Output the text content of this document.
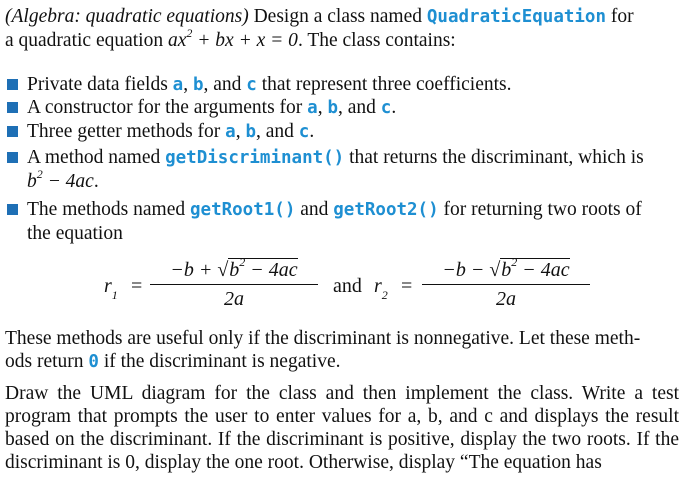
(Algebra: quadratic equations) Design a class named QuadraticEquation for
a quadratic equation $ax^2$ + bx + x = 0. The class contains:
Private data fields a, b, and c that represent three coefficients.
A constructor for the arguments for a, b, and c.
Three getter methods for a, b, and c.
A method named getDiscriminant() that returns the discriminant, which is
$b^2 - 4ac$.
The methods named getRoot1() and getRoot2() for returning two roots of
the equation
$r_1$ =
$-b + √b^2 - 4ac$
2a
and $r_2$ =
$-b - √b^2 - 4ac$
2a
These methods are useful only if the discriminant is nonnegative. Let these meth-
ods return 0 if the discriminant is negative.
Draw the UML diagram for the class and then implement the class. Write a test program that prompts the user to enter values for a, b, and c and displays the result based on the discriminant. If the discriminant is positive, display the two roots. If the discriminant is 0, display the one root. Otherwise, display “The equation has
